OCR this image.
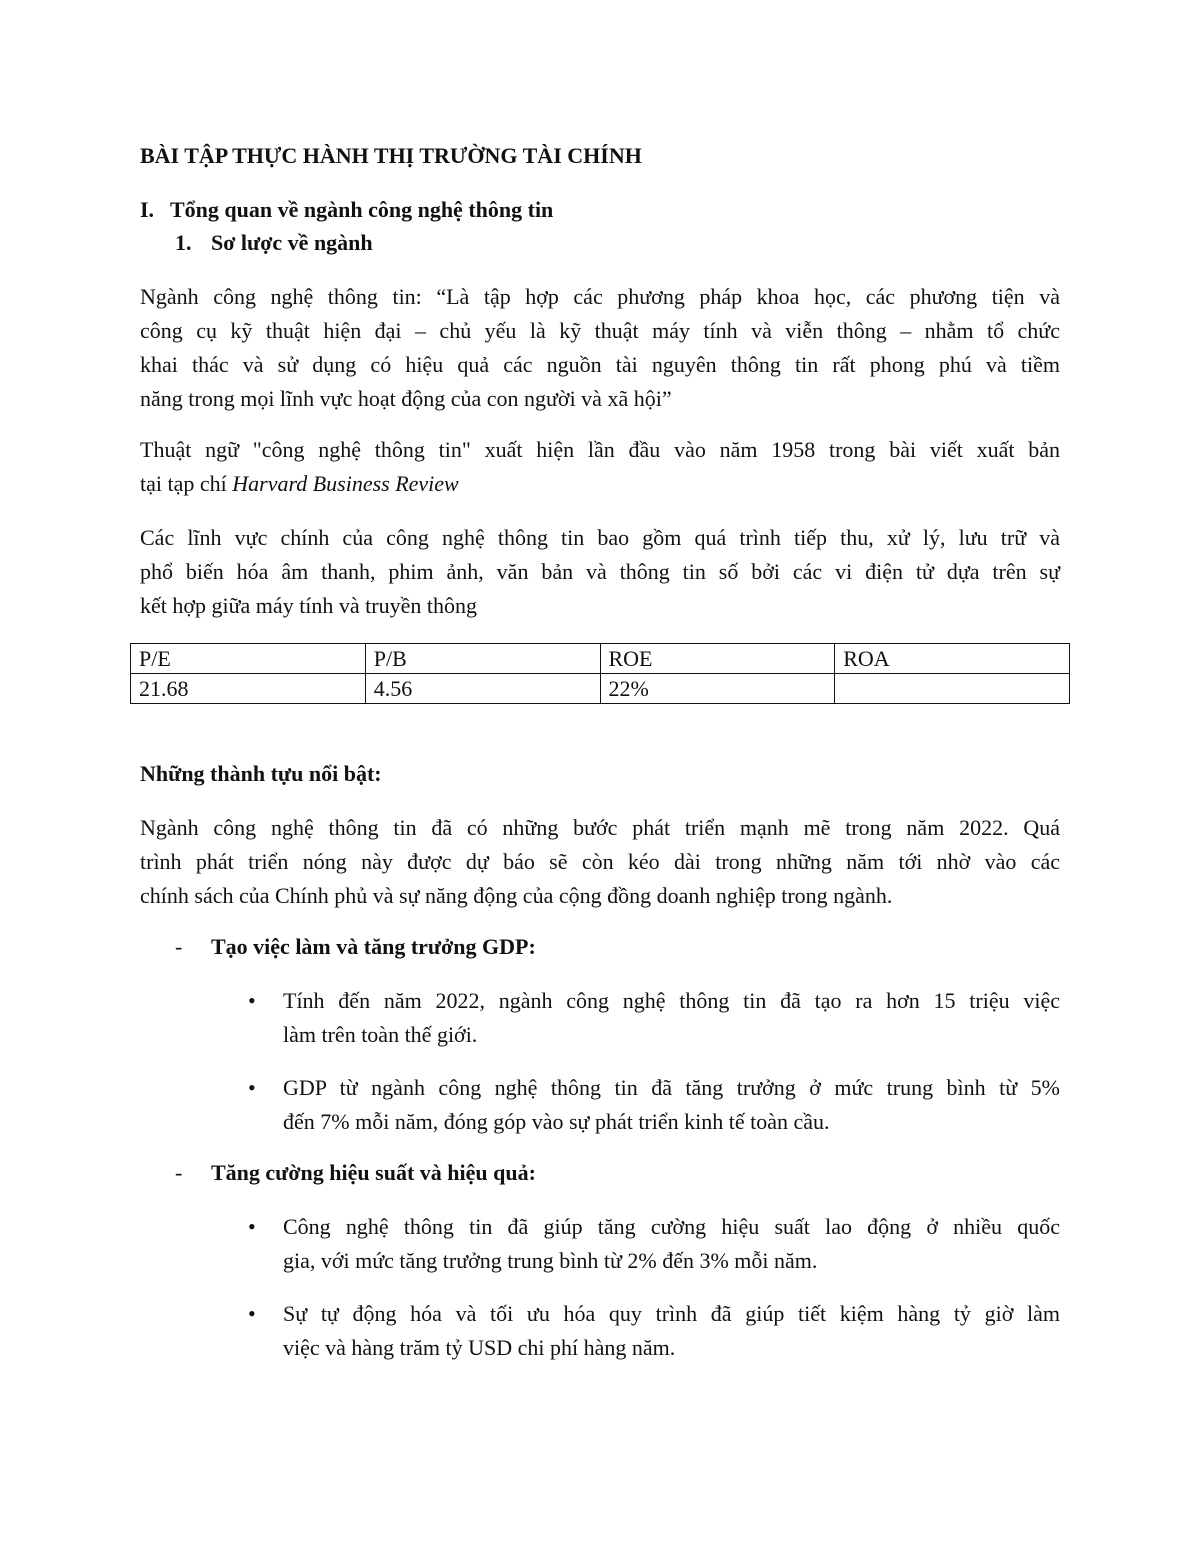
BÀI TẬP THỰC HÀNH THỊ TRƯỜNG TÀI CHÍNH
I. Tổng quan về ngành công nghệ thông tin
1. Sơ lược về ngành
Ngành công nghệ thông tin: “Là tập hợp các phương pháp khoa học, các phương tiện và
công cụ kỹ thuật hiện đại – chủ yếu là kỹ thuật máy tính và viễn thông – nhằm tổ chức
khai thác và sử dụng có hiệu quả các nguồn tài nguyên thông tin rất phong phú và tiềm
năng trong mọi lĩnh vực hoạt động của con người và xã hội”
Thuật ngữ "công nghệ thông tin" xuất hiện lần đầu vào năm 1958 trong bài viết xuất bản
tại tạp chí Harvard Business Review
Các lĩnh vực chính của công nghệ thông tin bao gồm quá trình tiếp thu, xử lý, lưu trữ và
phổ biến hóa âm thanh, phim ảnh, văn bản và thông tin số bởi các vi điện tử dựa trên sự
kết hợp giữa máy tính và truyền thông
P/E	P/B	ROE	ROA
21.68	4.56	22%	
Những thành tựu nổi bật:
Ngành công nghệ thông tin đã có những bước phát triển mạnh mẽ trong năm 2022. Quá
trình phát triển nóng này được dự báo sẽ còn kéo dài trong những năm tới nhờ vào các
chính sách của Chính phủ và sự năng động của cộng đồng doanh nghiệp trong ngành.
- Tạo việc làm và tăng trưởng GDP:
•	Tính đến năm 2022, ngành công nghệ thông tin đã tạo ra hơn 15 triệu việc
làm trên toàn thế giới.
•	GDP từ ngành công nghệ thông tin đã tăng trưởng ở mức trung bình từ 5%
đến 7% mỗi năm, đóng góp vào sự phát triển kinh tế toàn cầu.
- Tăng cường hiệu suất và hiệu quả:
•	Công nghệ thông tin đã giúp tăng cường hiệu suất lao động ở nhiều quốc
gia, với mức tăng trưởng trung bình từ 2% đến 3% mỗi năm.
•	Sự tự động hóa và tối ưu hóa quy trình đã giúp tiết kiệm hàng tỷ giờ làm
việc và hàng trăm tỷ USD chi phí hàng năm.
